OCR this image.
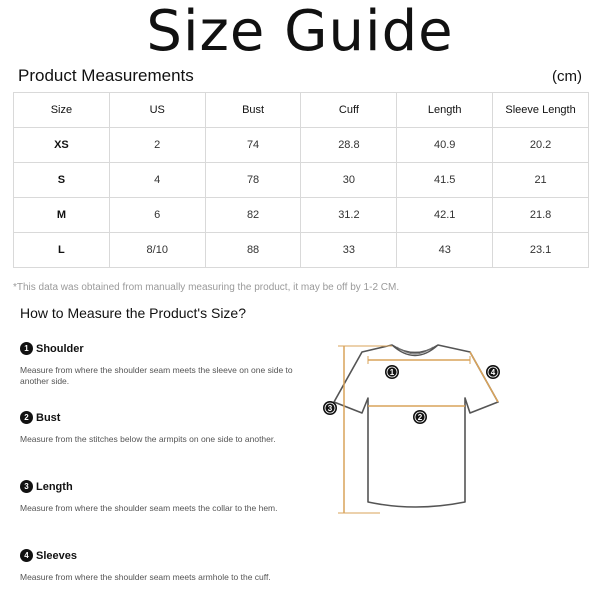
Size Guide
Product Measurements	(cm)
Size	US	Bust	Cuff	Length	Sleeve Length
XS	2	74	28.8	40.9	20.2
S	4	78	30	41.5	21
M	6	82	31.2	42.1	21.8
L	8/10	88	33	43	23.1
*This data was obtained from manually measuring the product, it may be off by 1-2 CM.
How to Measure the Product's Size?
1 Shoulder
Measure from where the shoulder seam meets the sleeve on one side to another side.
2 Bust
Measure from the stitches below the armpits on one side to another.
3 Length
Measure from where the shoulder seam meets the collar to the hem.
4 Sleeves
Measure from where the shoulder seam meets armhole to the cuff.
1
2
3
4
